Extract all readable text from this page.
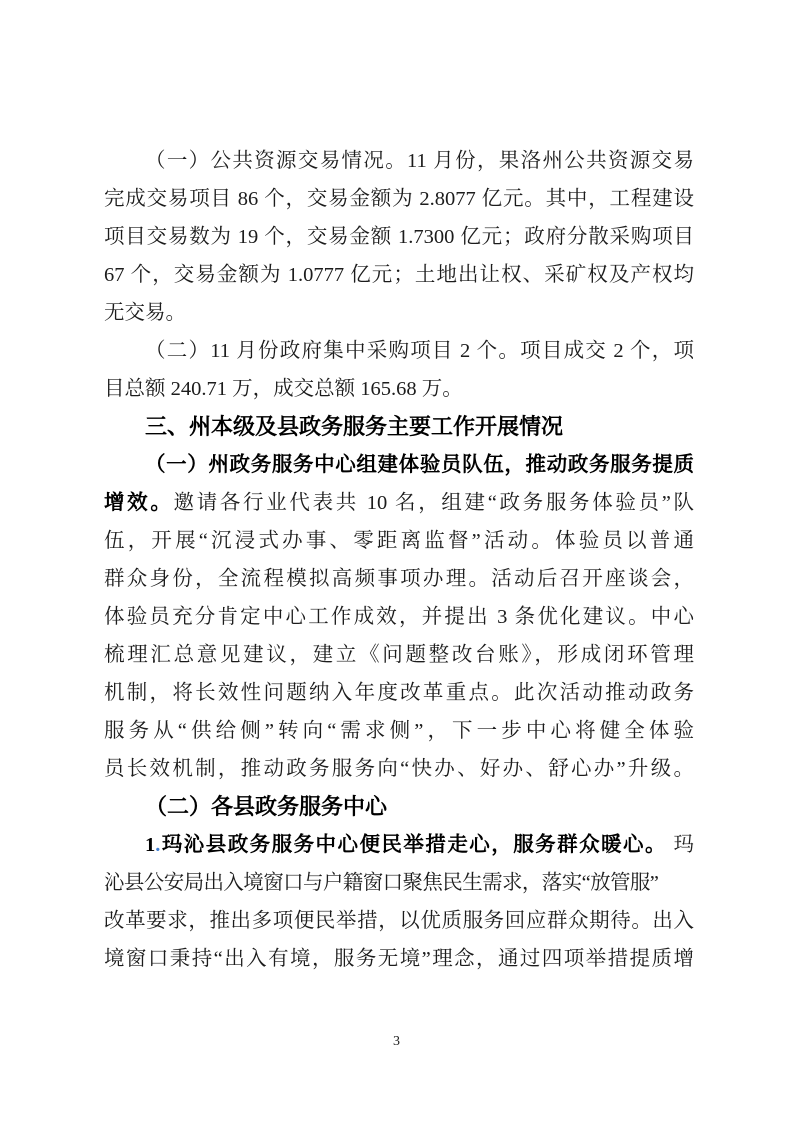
（一）公共资源交易情况。11 月份，果洛州公共资源交易
完成交易项目 86 个，交易金额为 2.8077 亿元。其中，工程建设
项目交易数为 19 个，交易金额 1.7300 亿元；政府分散采购项目
67 个，交易金额为 1.0777 亿元；土地出让权、采矿权及产权均
无交易。
（二）11 月份政府集中采购项目 2 个。项目成交 2 个，项
目总额 240.71 万，成交总额 165.68 万。
三、州本级及县政务服务主要工作开展情况
（一）州政务服务中心组建体验员队伍，推动政务服务提质
增效。邀请各行业代表共 10 名，组建“政务服务体验员”队
伍，开展“沉浸式办事、零距离监督”活动。体验员以普通
群众身份，全流程模拟高频事项办理。活动后召开座谈会，
体验员充分肯定中心工作成效，并提出 3 条优化建议。中心
梳理汇总意见建议，建立《问题整改台账》，形成闭环管理
机制，将长效性问题纳入年度改革重点。此次活动推动政务
服务从“供给侧”转向“需求侧”，下一步中心将健全体验
员长效机制，推动政务服务向“快办、好办、舒心办”升级。
（二）各县政务服务中心
1.玛沁县政务服务中心便民举措走心，服务群众暖心。 玛
沁县公安局出入境窗口与户籍窗口聚焦民生需求，落实“放管服”
改革要求，推出多项便民举措，以优质服务回应群众期待。出入
境窗口秉持“出入有境，服务无境”理念，通过四项举措提质增
3
